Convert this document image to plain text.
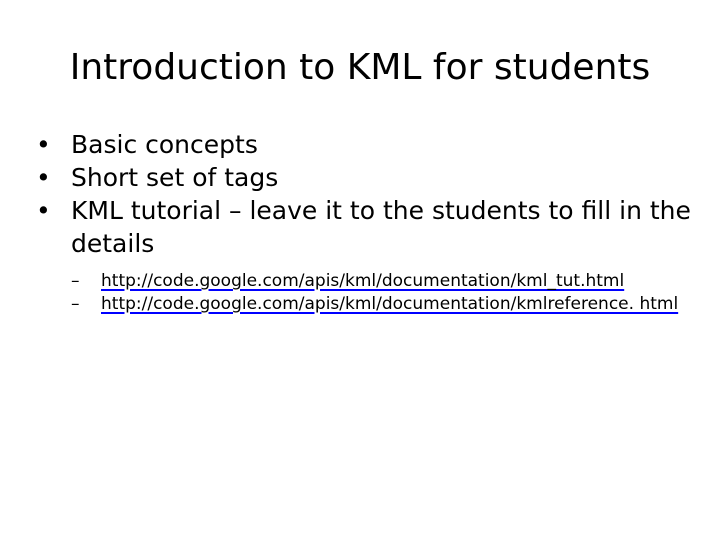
Introduction to KML for students
• Basic concepts
• Short set of tags
• KML tutorial – leave it to the students to fill in the details
–	http://code.google.com/apis/kml/documentation/kml_tut.html
–	http://code.google.com/apis/kml/documentation/kmlreference. html
